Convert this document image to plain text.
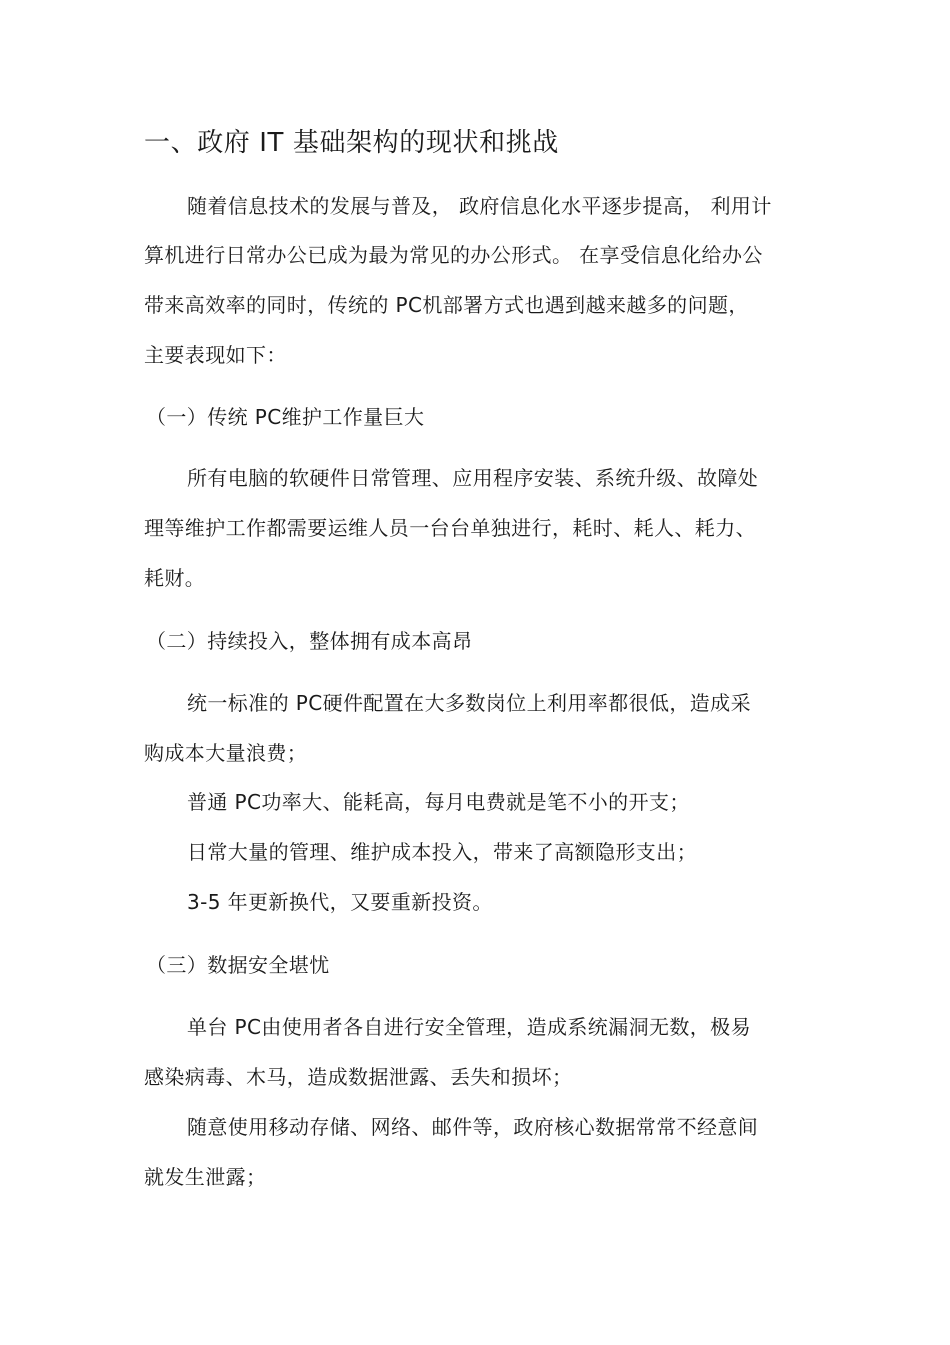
一、政府 IT 基础架构的现状和挑战
随着信息技术的发展与普及， 政府信息化水平逐步提高， 利用计
算机进行日常办公已成为最为常见的办公形式。 在享受信息化给办公
带来高效率的同时，传统的 PC机部署方式也遇到越来越多的问题，
主要表现如下：
（一）传统 PC维护工作量巨大
所有电脑的软硬件日常管理、应用程序安装、系统升级、故障处
理等维护工作都需要运维人员一台台单独进行，耗时、耗人、耗力、
耗财。
（二）持续投入，整体拥有成本高昂
统一标准的 PC硬件配置在大多数岗位上利用率都很低，造成采
购成本大量浪费；
普通 PC功率大、能耗高，每月电费就是笔不小的开支；
日常大量的管理、维护成本投入，带来了高额隐形支出；
3-5 年更新换代，又要重新投资。
（三）数据安全堪忧
单台 PC由使用者各自进行安全管理，造成系统漏洞无数，极易
感染病毒、木马，造成数据泄露、丢失和损坏；
随意使用移动存储、网络、邮件等，政府核心数据常常不经意间
就发生泄露；
